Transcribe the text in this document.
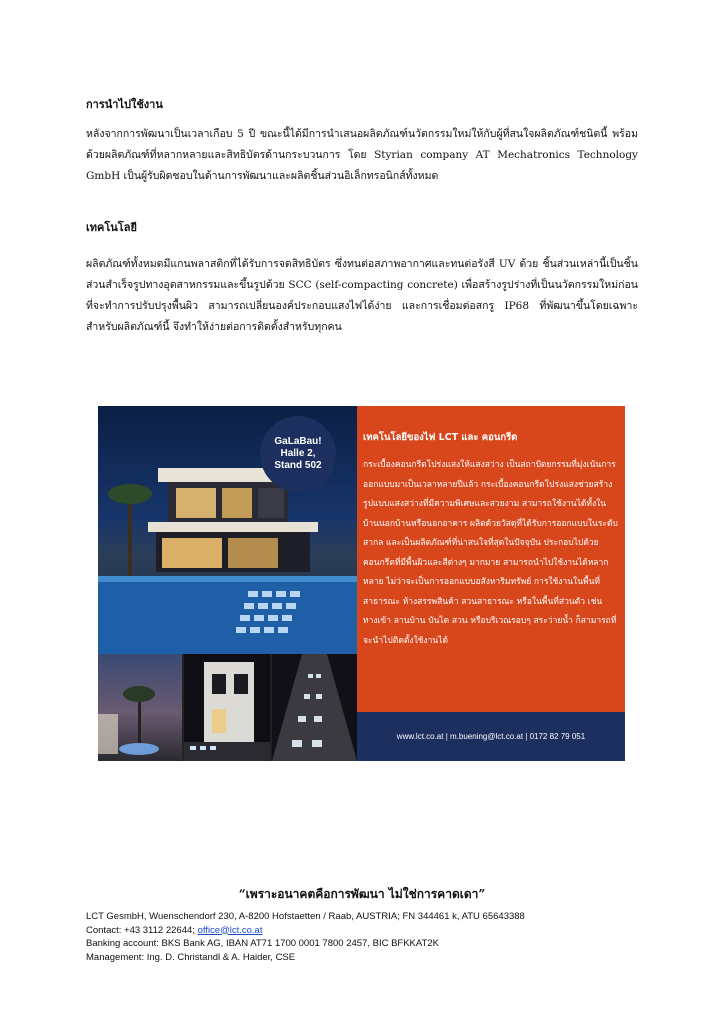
การนำไปใช้งาน
หลังจากการพัฒนาเป็นเวลาเกือบ 5 ปี ขณะนี้ได้มีการนำเสนอผลิตภัณฑ์นวัตกรรมใหม่ให้กับผู้ที่สนใจผลิตภัณฑ์ชนิดนี้ พร้อมด้วยผลิตภัณฑ์ที่หลากหลายและสิทธิบัตรด้านกระบวนการ โดย Styrian company AT Mechatronics Technology GmbH เป็นผู้รับผิดชอบในด้านการพัฒนาและผลิตชิ้นส่วนอิเล็กทรอนิกส์ทั้งหมด
เทคโนโลยี
ผลิตภัณฑ์ทั้งหมดมีแกนพลาสติกที่ได้รับการจดสิทธิบัตร ซึ่งทนต่อสภาพอากาศและทนต่อรังสี UV ด้วย ชิ้นส่วนเหล่านี้เป็นชิ้นส่วนสำเร็จรูปทางอุตสาหกรรมและขึ้นรูปด้วย SCC (self-compacting concrete) เพื่อสร้างรูปร่างที่เป็นนวัตกรรมใหม่ก่อนที่จะทำการปรับปรุงพื้นผิว สามารถเปลี่ยนองค์ประกอบแสงไฟได้ง่าย และการเชื่อมต่อสกรู IP68 ที่พัฒนาขึ้นโดยเฉพาะสำหรับผลิตภัณฑ์นี้ จึงทำให้ง่ายต่อการติดตั้งสำหรับทุกคน
GaLaBau!
Halle 2,
Stand 502
เทคโนโลยีของไฟ LCT และ คอนกรีต
กระเบื้องคอนกรีตโปร่งแสงให้แสงสว่าง เป็นสถาปัตยกรรมที่มุ่งเน้นการออกแบบมาเป็นเวลาหลายปีแล้ว กระเบื้องคอนกรีตโปร่งแสงช่วยสร้างรูปแบบแสงสว่างที่มีความพิเศษและสวยงาม สามารถใช้งานได้ทั้งในบ้านนอกบ้านหรือนอกอาคาร ผลิตด้วยวัสดุที่ได้รับการออกแบบในระดับสากล และเป็นผลิตภัณฑ์ที่น่าสนใจที่สุดในปัจจุบัน ประกอบไปด้วยคอนกรีตที่มีพื้นผิวและสีต่างๆ มากมาย สามารถนำไปใช้งานได้หลากหลาย ไม่ว่าจะเป็นการออกแบบอสังหาริมทรัพย์ การใช้งานในพื้นที่สาธารณะ ห้างสรรพสินค้า สวนสาธารณะ หรือในพื้นที่ส่วนตัว เช่น ทางเข้า ลานบ้าน บันได สวน หรือบริเวณรอบๆ สระว่ายน้ำ ก็สามารถที่จะนำไปติดตั้งใช้งานได้
www.lct.co.at | m.buening@lct.co.at | 0172 82 79 051
“เพราะอนาคตคือการพัฒนา ไม่ใช่การคาดเดา”
LCT GesmbH, Wuenschendorf 230, A-8200 Hofstaetten / Raab, AUSTRIA; FN 344461 k, ATU 65643388
Contact: +43 3112 22644; office@lct.co.at
Banking account: BKS Bank AG, IBAN AT71 1700 0001 7800 2457, BIC BFKKAT2K
Management: Ing. D. Christandl & A. Haider, CSE
